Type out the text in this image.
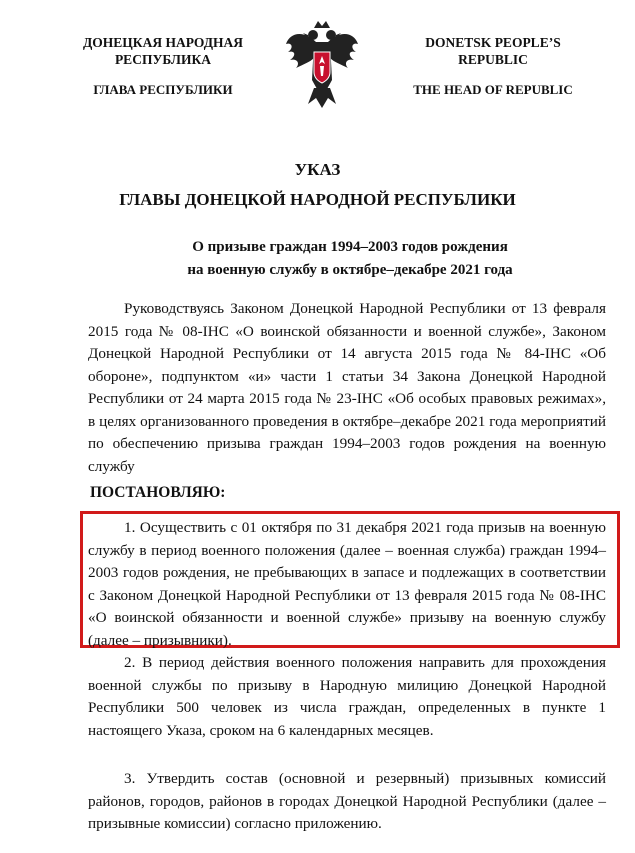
ДОНЕЦКАЯ НАРОДНАЯ
РЕСПУБЛИКА
ГЛАВА РЕСПУБЛИКИ
DONETSK PEOPLE’S
REPUBLIC
THE HEAD OF REPUBLIC
УКАЗ
ГЛАВЫ ДОНЕЦКОЙ НАРОДНОЙ РЕСПУБЛИКИ
О призыве граждан 1994–2003 годов рождения
на военную службу в октябре–декабре 2021 года

Руководствуясь Законом Донецкой Народной Республики от 13 февраля 2015 года № 08-IНС «О воинской обязанности и военной службе», Законом Донецкой Народной Республики от 14 августа 2015 года № 84-IНС «Об обороне», подпунктом «и» части 1 статьи 34 Закона Донецкой Народной Республики от 24 марта 2015 года № 23-IНС «Об особых правовых режимах», в целях организованного проведения в октябре–декабре 2021 года мероприятий по обеспечению призыва граждан 1994–2003 годов рождения на военную службу

ПОСТАНОВЛЯЮ:

1. Осуществить с 01 октября по 31 декабря 2021 года призыв на военную службу в период военного положения (далее – военная служба) граждан 1994–2003 годов рождения, не пребывающих в запасе и подлежащих в соответствии с Законом Донецкой Народной Республики от 13 февраля 2015 года № 08-IНС «О воинской обязанности и военной службе» призыву на военную службу (далее – призывники).

2. В период действия военного положения направить для прохождения военной службы по призыву в Народную милицию Донецкой Народной Республики 500 человек из числа граждан, определенных в пункте 1 настоящего Указа, сроком на 6 календарных месяцев.

3. Утвердить состав (основной и резервный) призывных комиссий районов, городов, районов в городах Донецкой Народной Республики (далее – призывные комиссии) согласно приложению.
